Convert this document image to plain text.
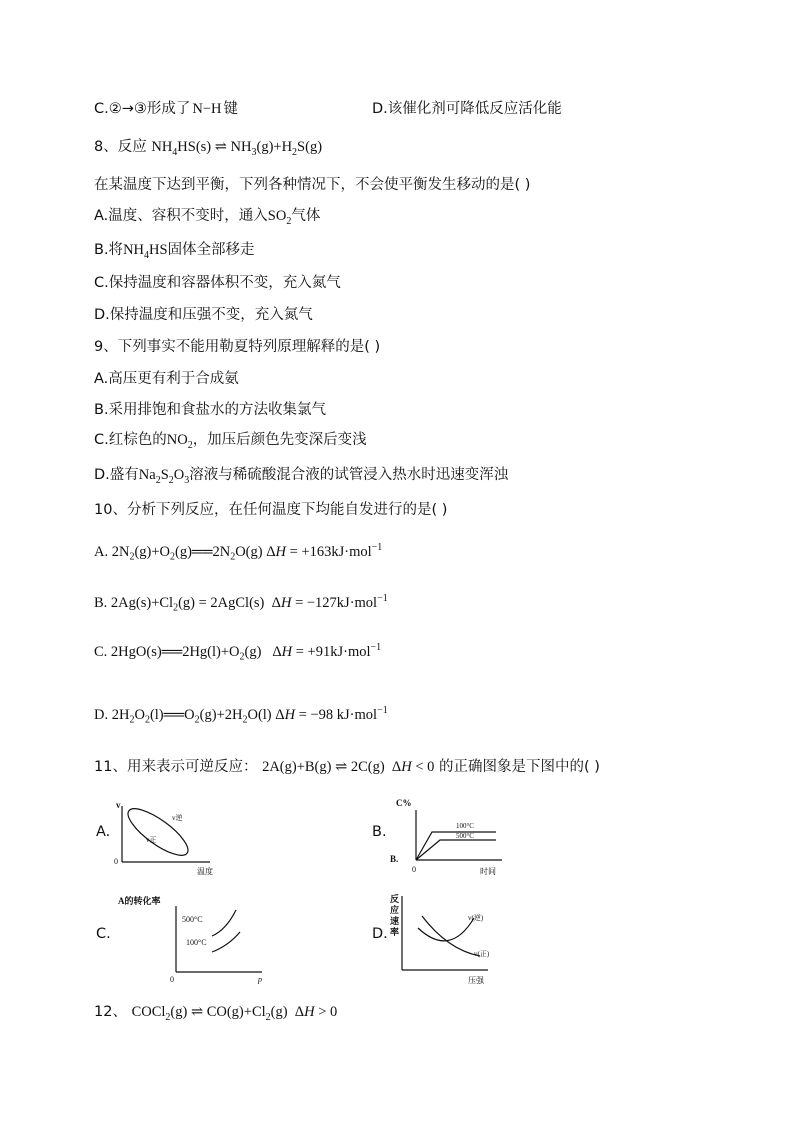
C.②→③形成了 N−H 键	D.该催化剂可降低反应活化能
8、反应 $NH_4HS(s)$ ⇌ $NH_3(g)+H_2S(g)$
在某温度下达到平衡，下列各种情况下，不会使平衡发生移动的是( )
A.温度、容积不变时，通入$SO_2$气体
B.将$NH_4HS$固体全部移走
C.保持温度和容器体积不变，充入氮气
D.保持温度和压强不变，充入氮气
9、下列事实不能用勒夏特列原理解释的是( )
A.高压更有利于合成氨
B.采用排饱和食盐水的方法收集氯气
C.红棕色的$NO_2$，加压后颜色先变深后变浅
D.盛有$Na_2S_2O_3$溶液与稀硫酸混合液的试管浸入热水时迅速变浑浊
10、分析下列反应，在任何温度下均能自发进行的是( )
A. $2N_2(g)+O_2(g)══2N_2O(g) \Delta H = +163kJ\cdot mol^{-1}$
B. $2Ag(s)+Cl_2(g)$ = 2AgCl(s)  ΔH = −127kJ·mol$^{-1}$
C. $2HgO(s)══2Hg(l)+O_2(g) \Delta H = +91kJ\cdot mol^{-1}$
D. $2H_2O_2(l)══O_2(g)+2H_2O(l) \Delta H = -98$ kJ·mol$^{-1}$
11、用来表示可逆反应： 2A(g)+B(g) ⇌ 2C(g)  ΔH < 0 的正确图象是下图中的( )
A.	B.
C.	D.
v
0
温度
v逆
v正
C%
B.
0	时间
100°C
500°C
A的转化率
0	p
500°C
100°C
反应速率
压强
v(逆)
v(正)
12、 COCl$_2$(g) ⇌ $CO(g)+Cl_2(g) \Delta H > 0$
